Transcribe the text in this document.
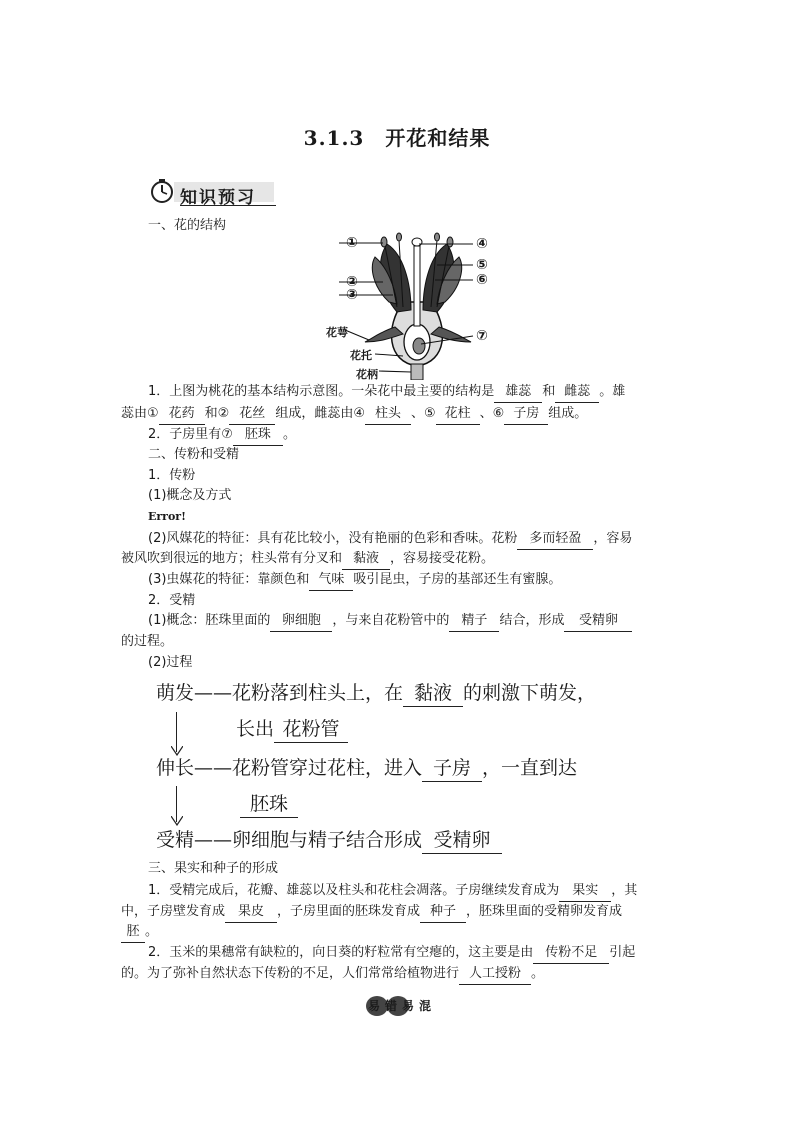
3.1.3　开花和结果
知识预习
一、花的结构
①
②
③
④
⑤
⑥
⑦
花萼
花托
花柄
1．上图为桃花的基本结构示意图。一朵花中最主要的结构是 雄蕊 和 雌蕊 。雄
蕊由① 花药 和② 花丝 组成，雌蕊由④ 柱头 、⑤ 花柱 、⑥ 子房 组成。
2．子房里有⑦ 胚珠 。
二、传粉和受精
1．传粉
(1)概念及方式
Error!
(2)风媒花的特征：具有花比较小，没有艳丽的色彩和香味。花粉 多而轻盈 ，容易
被风吹到很远的地方；柱头常有分叉和 黏液 ，容易接受花粉。
(3)虫媒花的特征：靠颜色和 气味 吸引昆虫，子房的基部还生有蜜腺。
2．受精
(1)概念：胚珠里面的 卵细胞 ，与来自花粉管中的 精子 结合，形成 受精卵
的过程。
(2)过程
萌发——花粉落到柱头上，在 黏液 的刺激下萌发，
长出 花粉管
伸长——花粉管穿过花柱，进入 子房 ，一直到达
胚珠
受精——卵细胞与精子结合形成 受精卵
三、果实和种子的形成
1．受精完成后，花瓣、雄蕊以及柱头和花柱会凋落。子房继续发育成为 果实 ，其
中，子房壁发育成 果皮 ，子房里面的胚珠发育成 种子 ，胚珠里面的受精卵发育成
胚 。
2．玉米的果穗常有缺粒的，向日葵的籽粒常有空瘪的，这主要是由 传粉不足 引起
的。为了弥补自然状态下传粉的不足，人们常常给植物进行 人工授粉 。
易错易混
